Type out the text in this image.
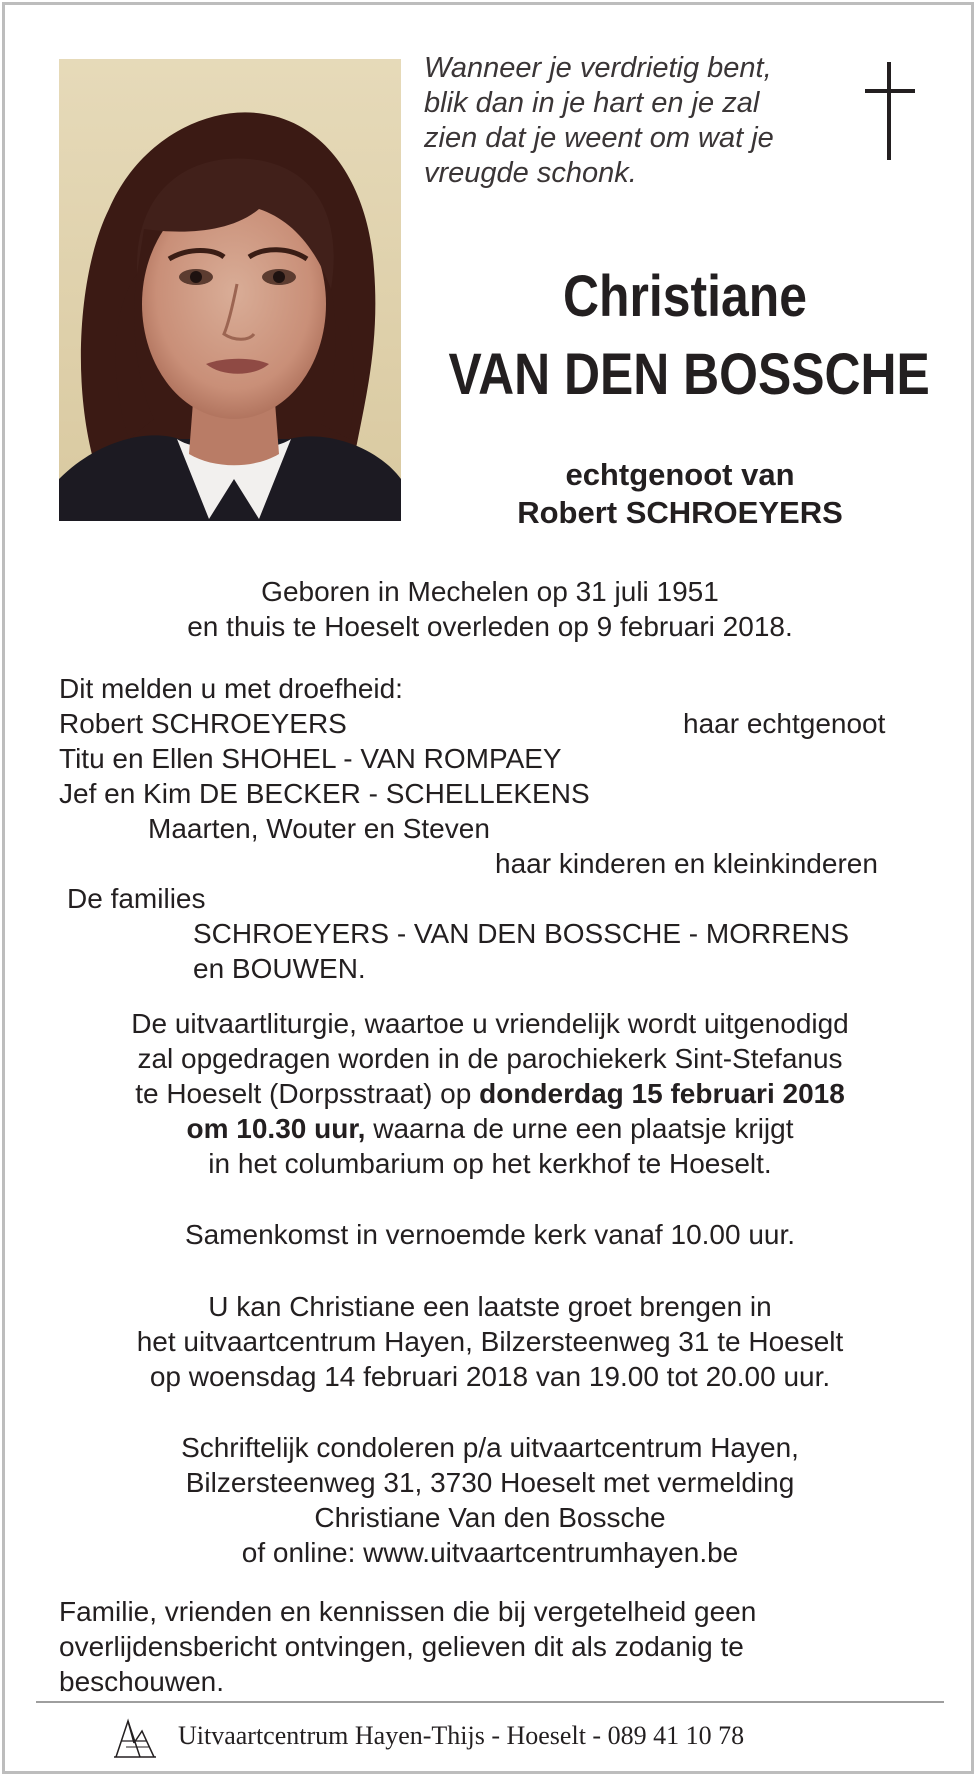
Wanneer je verdrietig bent,
blik dan in je hart en je zal
zien dat je weent om wat je
vreugde schonk.
Christiane
VAN DEN BOSSCHE
echtgenoot van
Robert SCHROEYERS
Geboren in Mechelen op 31 juli 1951
en thuis te Hoeselt overleden op 9 februari 2018.
Dit melden u met droefheid:
Robert SCHROEYERS	haar echtgenoot
Titu en Ellen SHOHEL - VAN ROMPAEY
Jef en Kim DE BECKER - SCHELLEKENS
Maarten, Wouter en Steven
haar kinderen en kleinkinderen
De families
SCHROEYERS - VAN DEN BOSSCHE - MORRENS
en BOUWEN.
De uitvaartliturgie, waartoe u vriendelijk wordt uitgenodigd
zal opgedragen worden in de parochiekerk Sint-Stefanus
te Hoeselt (Dorpsstraat) op donderdag 15 februari 2018
om 10.30 uur, waarna de urne een plaatsje krijgt
in het columbarium op het kerkhof te Hoeselt.
Samenkomst in vernoemde kerk vanaf 10.00 uur.
U kan Christiane een laatste groet brengen in
het uitvaartcentrum Hayen, Bilzersteenweg 31 te Hoeselt
op woensdag 14 februari 2018 van 19.00 tot 20.00 uur.
Schriftelijk condoleren p/a uitvaartcentrum Hayen,
Bilzersteenweg 31, 3730 Hoeselt met vermelding
Christiane Van den Bossche
of online: www.uitvaartcentrumhayen.be
Familie, vrienden en kennissen die bij vergetelheid geen
overlijdensbericht ontvingen, gelieven dit als zodanig te
beschouwen.
Uitvaartcentrum Hayen-Thijs - Hoeselt - 089 41 10 78
